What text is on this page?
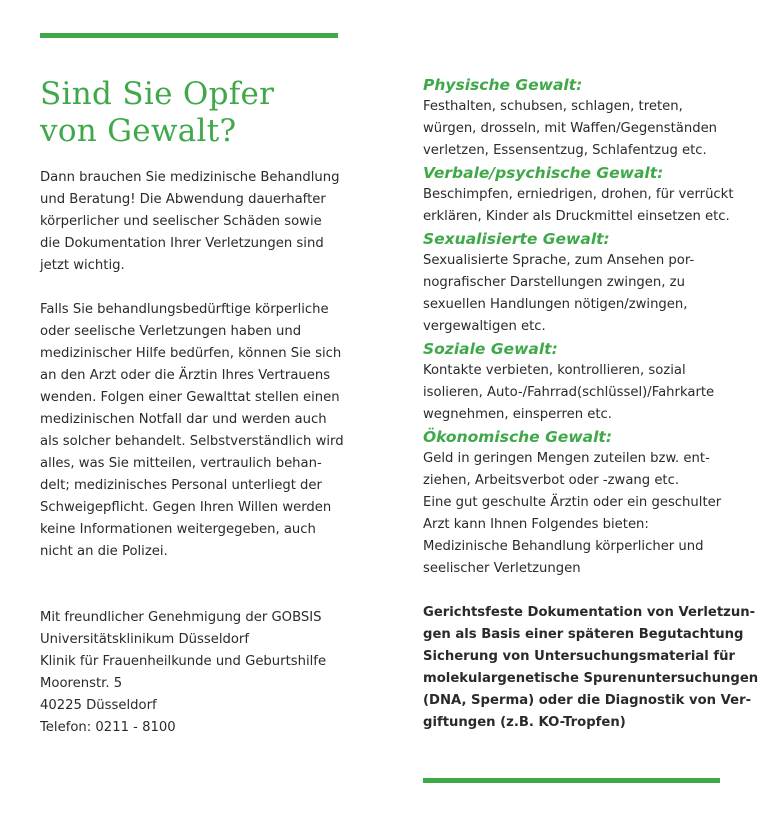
Sind Sie Opfer
von Gewalt?

Dann brauchen Sie medizinische Behandlung
und Beratung! Die Abwendung dauerhafter
körperlicher und seelischer Schäden sowie
die Dokumentation Ihrer Verletzungen sind
jetzt wichtig.

Falls Sie behandlungsbedürftige körperliche
oder seelische Verletzungen haben und
medizinischer Hilfe bedürfen, können Sie sich
an den Arzt oder die Ärztin Ihres Vertrauens
wenden. Folgen einer Gewalttat stellen einen
medizinischen Notfall dar und werden auch
als solcher behandelt. Selbstverständlich wird
alles, was Sie mitteilen, vertraulich behan-
delt; medizinisches Personal unterliegt der
Schweigepflicht. Gegen Ihren Willen werden
keine Informationen weitergegeben, auch
nicht an die Polizei.

Mit freundlicher Genehmigung der GOBSIS
Universitätsklinikum Düsseldorf
Klinik für Frauenheilkunde und Geburtshilfe
Moorenstr. 5
40225 Düsseldorf
Telefon: 0211 - 8100

Physische Gewalt:

Festhalten, schubsen, schlagen, treten,
würgen, drosseln, mit Waffen/Gegenständen
verletzen, Essensentzug, Schlafentzug etc.

Verbale/psychische Gewalt:

Beschimpfen, erniedrigen, drohen, für verrückt
erklären, Kinder als Druckmittel einsetzen etc.

Sexualisierte Gewalt:

Sexualisierte Sprache, zum Ansehen por-
nografischer Darstellungen zwingen, zu
sexuellen Handlungen nötigen/zwingen,
vergewaltigen etc.

Soziale Gewalt:

Kontakte verbieten, kontrollieren, sozial
isolieren, Auto-/Fahrrad(schlüssel)/Fahrkarte
wegnehmen, einsperren etc.

Ökonomische Gewalt:

Geld in geringen Mengen zuteilen bzw. ent-
ziehen, Arbeitsverbot oder -zwang etc.
Eine gut geschulte Ärztin oder ein geschulter
Arzt kann Ihnen Folgendes bieten:
Medizinische Behandlung körperlicher und
seelischer Verletzungen

Gerichtsfeste Dokumentation von Verletzun-
gen als Basis einer späteren Begutachtung
Sicherung von Untersuchungsmaterial für
molekulargenetische Spurenuntersuchungen
(DNA, Sperma) oder die Diagnostik von Ver-
giftungen (z.B. KO-Tropfen)
